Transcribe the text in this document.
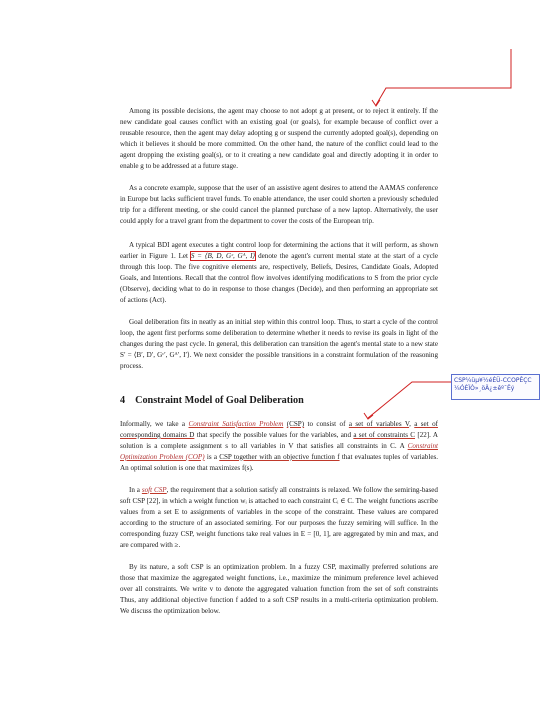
Among its possible decisions, the agent may choose to not adopt g at present, or to reject it entirely. If the new candidate goal causes conflict with an existing goal (or goals), for example because of conflict over a reusable resource, then the agent may delay adopting g or suspend the currently adopted goal(s), depending on which it believes it should be more committed. On the other hand, the nature of the conflict could lead to the agent dropping the existing goal(s), or to it creating a new candidate goal and directly adopting it in order to enable g to be addressed at a future stage.

As a concrete example, suppose that the user of an assistive agent desires to attend the AAMAS conference in Europe but lacks sufficient travel funds. To enable attendance, the user could shorten a previously scheduled trip for a different meeting, or she could cancel the planned purchase of a new laptop. Alternatively, the user could apply for a travel grant from the department to cover the costs of the European trip.

A typical BDI agent executes a tight control loop for determining the actions that it will perform, as shown earlier in Figure 1. Let S = ⟨B, D, Gᶜ, Gᴬ, I⟩ denote the agent's current mental state at the start of a cycle through this loop. The five cognitive elements are, respectively, Beliefs, Desires, Candidate Goals, Adopted Goals, and Intentions. Recall that the control flow involves identifying modifications to S from the prior cycle (Observe), deciding what to do in response to those changes (Decide), and then performing an appropriate set of actions (Act).

Goal deliberation fits in neatly as an initial step within this control loop. Thus, to start a cycle of the control loop, the agent first performs some deliberation to determine whether it needs to revise its goals in light of the changes during the past cycle. In general, this deliberation can transition the agent's mental state to a new state S′ = ⟨B′, D′, Gᶜ′, Gᴬ′, I′⟩. We next consider the possible transitions in a constraint formulation of the reasoning process.

4 Constraint Model of Goal Deliberation

Informally, we take a Constraint Satisfaction Problem (CSP) to consist of a set of variables V, a set of corresponding domains D that specify the possible values for the variables, and a set of constraints C [22]. A solution is a complete assignment s to all variables in V that satisfies all constraints in C. A Constraint Optimization Problem (COP) is a CSP together with an objective function f that evaluates tuples of variables. An optimal solution is one that maximizes f(s).

In a soft CSP, the requirement that a solution satisfy all constraints is relaxed. We follow the semiring-based soft CSP [22], in which a weight function wᵢ is attached to each constraint Cᵢ ∈ C. The weight functions ascribe values from a set E to assignments of variables in the scope of the constraint. These values are compared according to the structure of an associated semiring. For our purposes the fuzzy semiring will suffice. In the corresponding fuzzy CSP, weight functions take real values in E = [0, 1], are aggregated by min and max, and are compared with ≥.

By its nature, a soft CSP is an optimization problem. In a fuzzy CSP, maximally preferred solutions are those that maximize the aggregated weight functions, i.e., maximize the minimum preference level achieved over all constraints. We write v to denote the aggregated valuation function from the set of soft constraints Thus, any additional objective function f added to a soft CSP results in a multi-criteria optimization problem. We discuss the optimization below.

CSP¼üµ¥½éÉÜ-CCOPÊÇC
¼ÓÈÏÒ»¸öÄ¿±êº¯Êý
